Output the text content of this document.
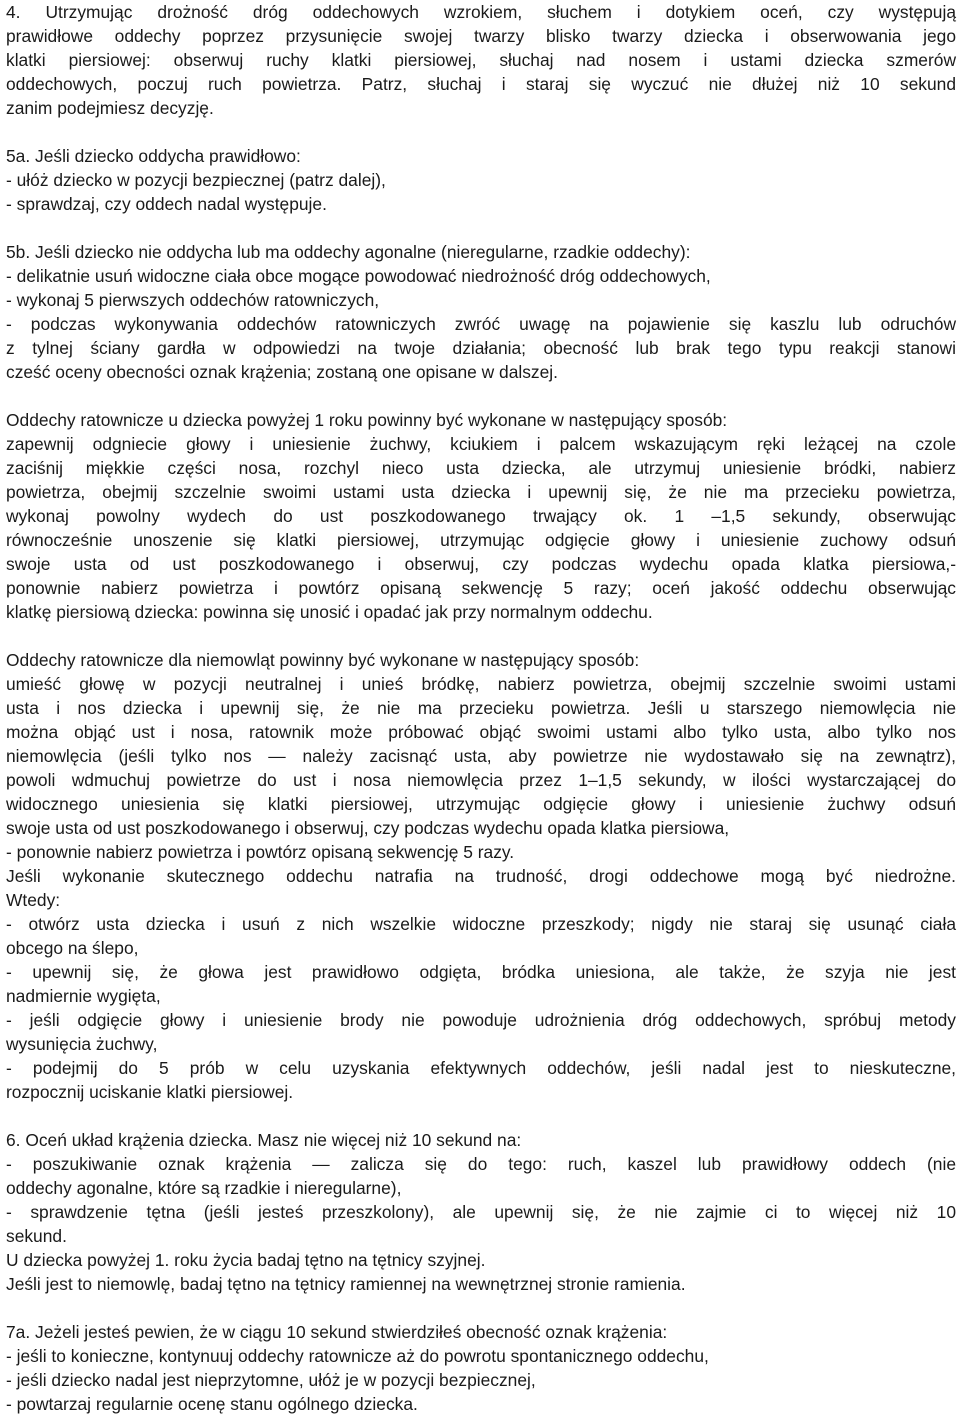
4. Utrzymując drożność dróg oddechowych wzrokiem, słuchem i dotykiem oceń, czy występują
prawidłowe oddechy poprzez przysunięcie swojej twarzy blisko twarzy dziecka i obserwowania jego
klatki piersiowej: obserwuj ruchy klatki piersiowej, słuchaj nad nosem i ustami dziecka szmerów
oddechowych, poczuj ruch powietrza. Patrz, słuchaj i staraj się wyczuć nie dłużej niż 10 sekund
zanim podejmiesz decyzję.
5a. Jeśli dziecko oddycha prawidłowo:
- ułóż dziecko w pozycji bezpiecznej (patrz dalej),
- sprawdzaj, czy oddech nadal występuje.
5b. Jeśli dziecko nie oddycha lub ma oddechy agonalne (nieregularne, rzadkie oddechy):
- delikatnie usuń widoczne ciała obce mogące powodować niedrożność dróg oddechowych,
- wykonaj 5 pierwszych oddechów ratowniczych,
- podczas wykonywania oddechów ratowniczych zwróć uwagę na pojawienie się kaszlu lub odruchów
z tylnej ściany gardła w odpowiedzi na twoje działania; obecność lub brak tego typu reakcji stanowi
cześć oceny obecności oznak krążenia; zostaną one opisane w dalszej.
Oddechy ratownicze u dziecka powyżej 1 roku powinny być wykonane w następujący sposób:
zapewnij odgniecie głowy i uniesienie żuchwy, kciukiem i palcem wskazującym ręki leżącej na czole
zaciśnij miękkie części nosa, rozchyl nieco usta dziecka, ale utrzymuj uniesienie bródki, nabierz
powietrza, obejmij szczelnie swoimi ustami usta dziecka i upewnij się, że nie ma przecieku powietrza,
wykonaj powolny wydech do ust poszkodowanego trwający ok. 1 –1,5 sekundy, obserwując
równocześnie unoszenie się klatki piersiowej, utrzymując odgięcie głowy i uniesienie zuchowy odsuń
swoje usta od ust poszkodowanego i obserwuj, czy podczas wydechu opada klatka piersiowa,-
ponownie nabierz powietrza i powtórz opisaną sekwencję 5 razy; oceń jakość oddechu obserwując
klatkę piersiową dziecka: powinna się unosić i opadać jak przy normalnym oddechu.
Oddechy ratownicze dla niemowląt powinny być wykonane w następujący sposób:
umieść głowę w pozycji neutralnej i unieś bródkę, nabierz powietrza, obejmij szczelnie swoimi ustami
usta i nos dziecka i upewnij się, że nie ma przecieku powietrza. Jeśli u starszego niemowlęcia nie
można objąć ust i nosa, ratownik może próbować objąć swoimi ustami albo tylko usta, albo tylko nos
niemowlęcia (jeśli tylko nos — należy zacisnąć usta, aby powietrze nie wydostawało się na zewnątrz),
powoli wdmuchuj powietrze do ust i nosa niemowlęcia przez 1–1,5 sekundy, w ilości wystarczającej do
widocznego uniesienia się klatki piersiowej, utrzymując odgięcie głowy i uniesienie żuchwy odsuń
swoje usta od ust poszkodowanego i obserwuj, czy podczas wydechu opada klatka piersiowa,
- ponownie nabierz powietrza i powtórz opisaną sekwencję 5 razy.
Jeśli wykonanie skutecznego oddechu natrafia na trudność, drogi oddechowe mogą być niedrożne.
Wtedy:
- otwórz usta dziecka i usuń z nich wszelkie widoczne przeszkody; nigdy nie staraj się usunąć ciała
obcego na ślepo,
- upewnij się, że głowa jest prawidłowo odgięta, bródka uniesiona, ale także, że szyja nie jest
nadmiernie wygięta,
- jeśli odgięcie głowy i uniesienie brody nie powoduje udrożnienia dróg oddechowych, spróbuj metody
wysunięcia żuchwy,
- podejmij do 5 prób w celu uzyskania efektywnych oddechów, jeśli nadal jest to nieskuteczne,
rozpocznij uciskanie klatki piersiowej.
6. Oceń układ krążenia dziecka. Masz nie więcej niż 10 sekund na:
- poszukiwanie oznak krążenia — zalicza się do tego: ruch, kaszel lub prawidłowy oddech (nie
oddechy agonalne, które są rzadkie i nieregularne),
- sprawdzenie tętna (jeśli jesteś przeszkolony), ale upewnij się, że nie zajmie ci to więcej niż 10
sekund.
U dziecka powyżej 1. roku życia badaj tętno na tętnicy szyjnej.
Jeśli jest to niemowlę, badaj tętno na tętnicy ramiennej na wewnętrznej stronie ramienia.
7a. Jeżeli jesteś pewien, że w ciągu 10 sekund stwierdziłeś obecność oznak krążenia:
- jeśli to konieczne, kontynuuj oddechy ratownicze aż do powrotu spontanicznego oddechu,
- jeśli dziecko nadal jest nieprzytomne, ułóż je w pozycji bezpiecznej,
- powtarzaj regularnie ocenę stanu ogólnego dziecka.
